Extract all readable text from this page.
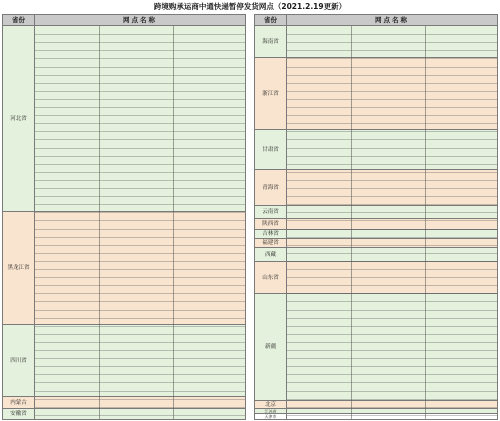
跨境购承运商中通快递暂停发货网点（2021.2.19更新）
省份	网点名称
河北省
黑龙江省
四川省
内蒙古
安徽省
省份	网点名称
海南省
浙江省
甘肃省
青海省
云南省
陕西省
吉林省
福建省
西藏
山东省
新疆
北京
江苏省
天津市
